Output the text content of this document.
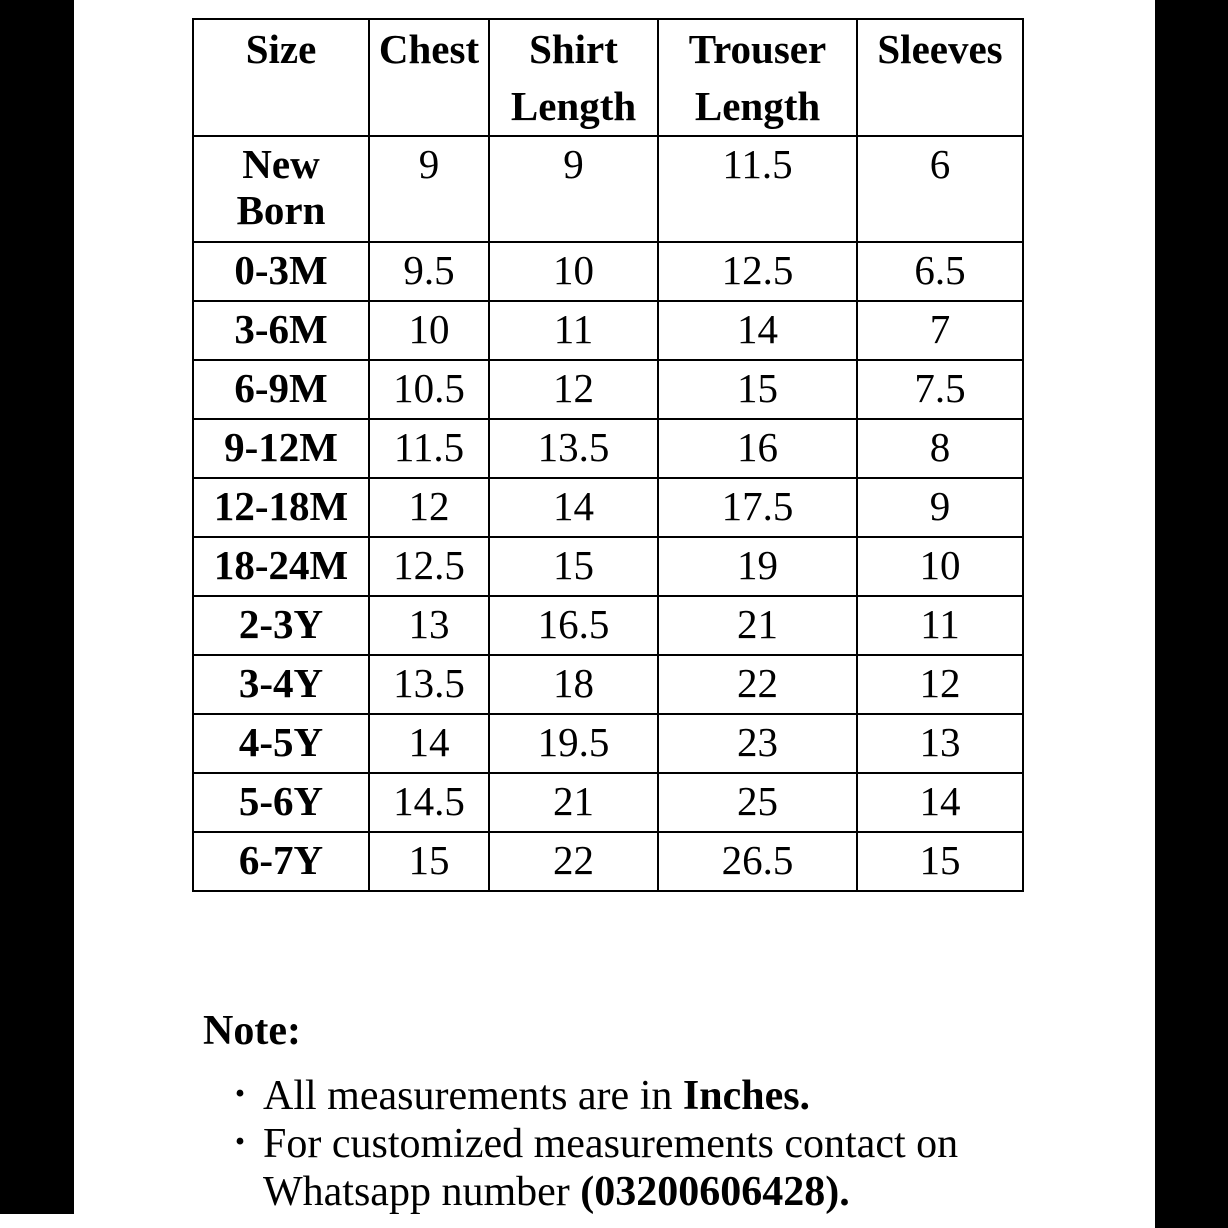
Size	Chest	Shirt Length	Trouser Length	Sleeves
New Born	9	9	11.5	6
0-3M	9.5	10	12.5	6.5
3-6M	10	11	14	7
6-9M	10.5	12	15	7.5
9-12M	11.5	13.5	16	8
12-18M	12	14	17.5	9
18-24M	12.5	15	19	10
2-3Y	13	16.5	21	11
3-4Y	13.5	18	22	12
4-5Y	14	19.5	23	13
5-6Y	14.5	21	25	14
6-7Y	15	22	26.5	15
Note:
· All measurements are in Inches.
· For customized measurements contact on Whatsapp number (03200606428).
